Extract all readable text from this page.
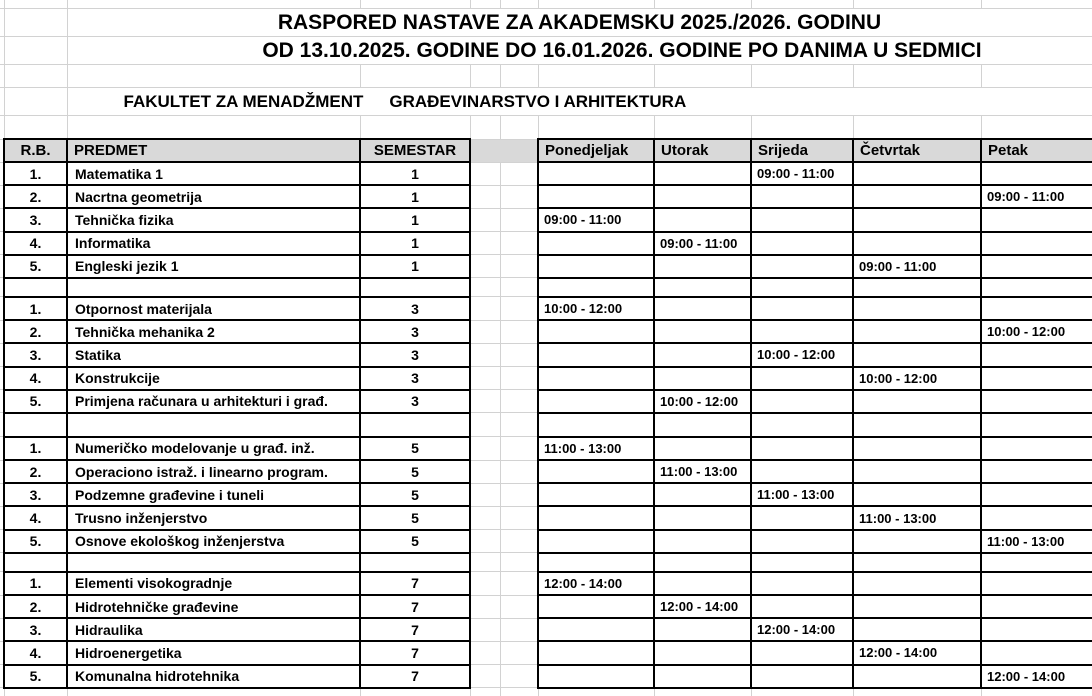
		RASPORED NASTAVE ZA AKADEMSKU 2025./2026. GODINU								
		OD 13.10.2025. GODINE DO 16.01.2026. GODINE PO DANIMA U SEDMICI								

		FAKULTET ZA MENADŽMENT GRAĐEVINARSTVO I ARHITEKTURA								

	R.B.	PREDMET	SEMESTAR			Ponedjeljak	Utorak	Srijeda	Četvrtak	Petak
	1.	Matematika 1	1					09:00 - 11:00		
	2.	Nacrtna geometrija	1							09:00 - 11:00
	3.	Tehnička fizika	1			09:00 - 11:00				
	4.	Informatika	1				09:00 - 11:00			
	5.	Engleski jezik 1	1						09:00 - 11:00	

	1.	Otpornost materijala	3			10:00 - 12:00				
	2.	Tehnička mehanika 2	3							10:00 - 12:00
	3.	Statika	3					10:00 - 12:00		
	4.	Konstrukcije	3						10:00 - 12:00	
	5.	Primjena računara u arhitekturi i građ.	3				10:00 - 12:00			

	1.	Numeričko modelovanje u građ. inž.	5			11:00 - 13:00				
	2.	Operaciono istraž. i linearno program.	5				11:00 - 13:00			
	3.	Podzemne građevine i tuneli	5					11:00 - 13:00		
	4.	Trusno inženjerstvo	5						11:00 - 13:00	
	5.	Osnove ekološkog inženjerstva	5							11:00 - 13:00

	1.	Elementi visokogradnje	7			12:00 - 14:00				
	2.	Hidrotehničke građevine	7				12:00 - 14:00			
	3.	Hidraulika	7					12:00 - 14:00		
	4.	Hidroenergetika	7						12:00 - 14:00	
	5.	Komunalna hidrotehnika	7							12:00 - 14:00
